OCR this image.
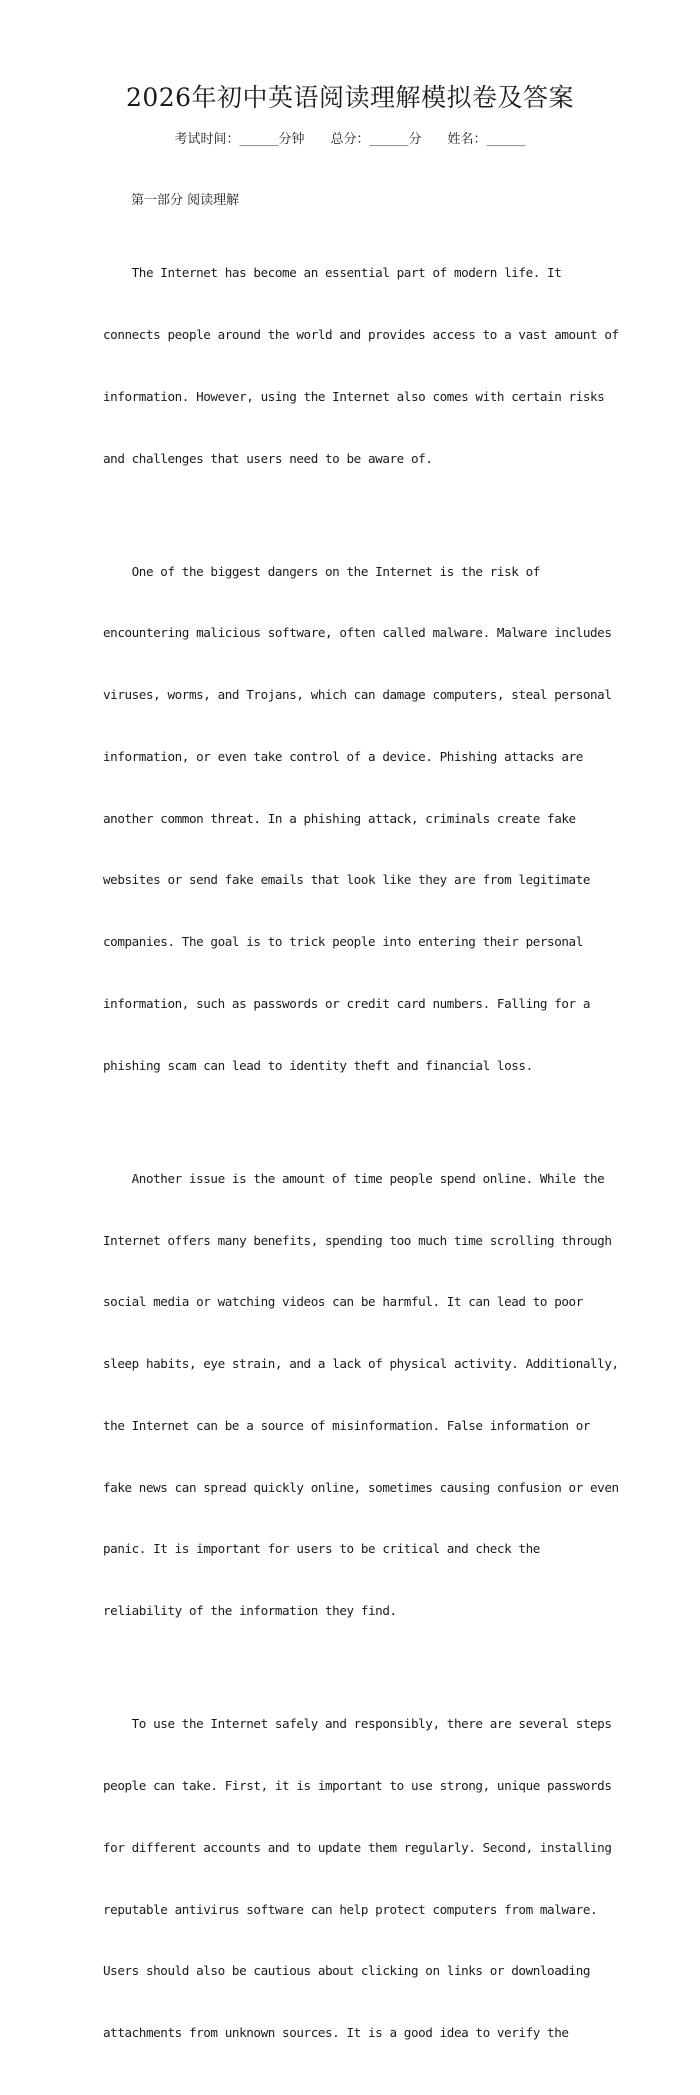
2026年初中英语阅读理解模拟卷及答案
考试时间：______分钟 总分：______分 姓名：______
第一部分 阅读理解

The Internet has become an essential part of modern life. It

connects people around the world and provides access to a vast amount of

information. However, using the Internet also comes with certain risks

and challenges that users need to be aware of.

One of the biggest dangers on the Internet is the risk of

encountering malicious software, often called malware. Malware includes

viruses, worms, and Trojans, which can damage computers, steal personal

information, or even take control of a device. Phishing attacks are

another common threat. In a phishing attack, criminals create fake

websites or send fake emails that look like they are from legitimate

companies. The goal is to trick people into entering their personal

information, such as passwords or credit card numbers. Falling for a

phishing scam can lead to identity theft and financial loss.

Another issue is the amount of time people spend online. While the

Internet offers many benefits, spending too much time scrolling through

social media or watching videos can be harmful. It can lead to poor

sleep habits, eye strain, and a lack of physical activity. Additionally,

the Internet can be a source of misinformation. False information or

fake news can spread quickly online, sometimes causing confusion or even

panic. It is important for users to be critical and check the

reliability of the information they find.

To use the Internet safely and responsibly, there are several steps

people can take. First, it is important to use strong, unique passwords

for different accounts and to update them regularly. Second, installing

reputable antivirus software can help protect computers from malware.

Users should also be cautious about clicking on links or downloading

attachments from unknown sources. It is a good idea to verify the
